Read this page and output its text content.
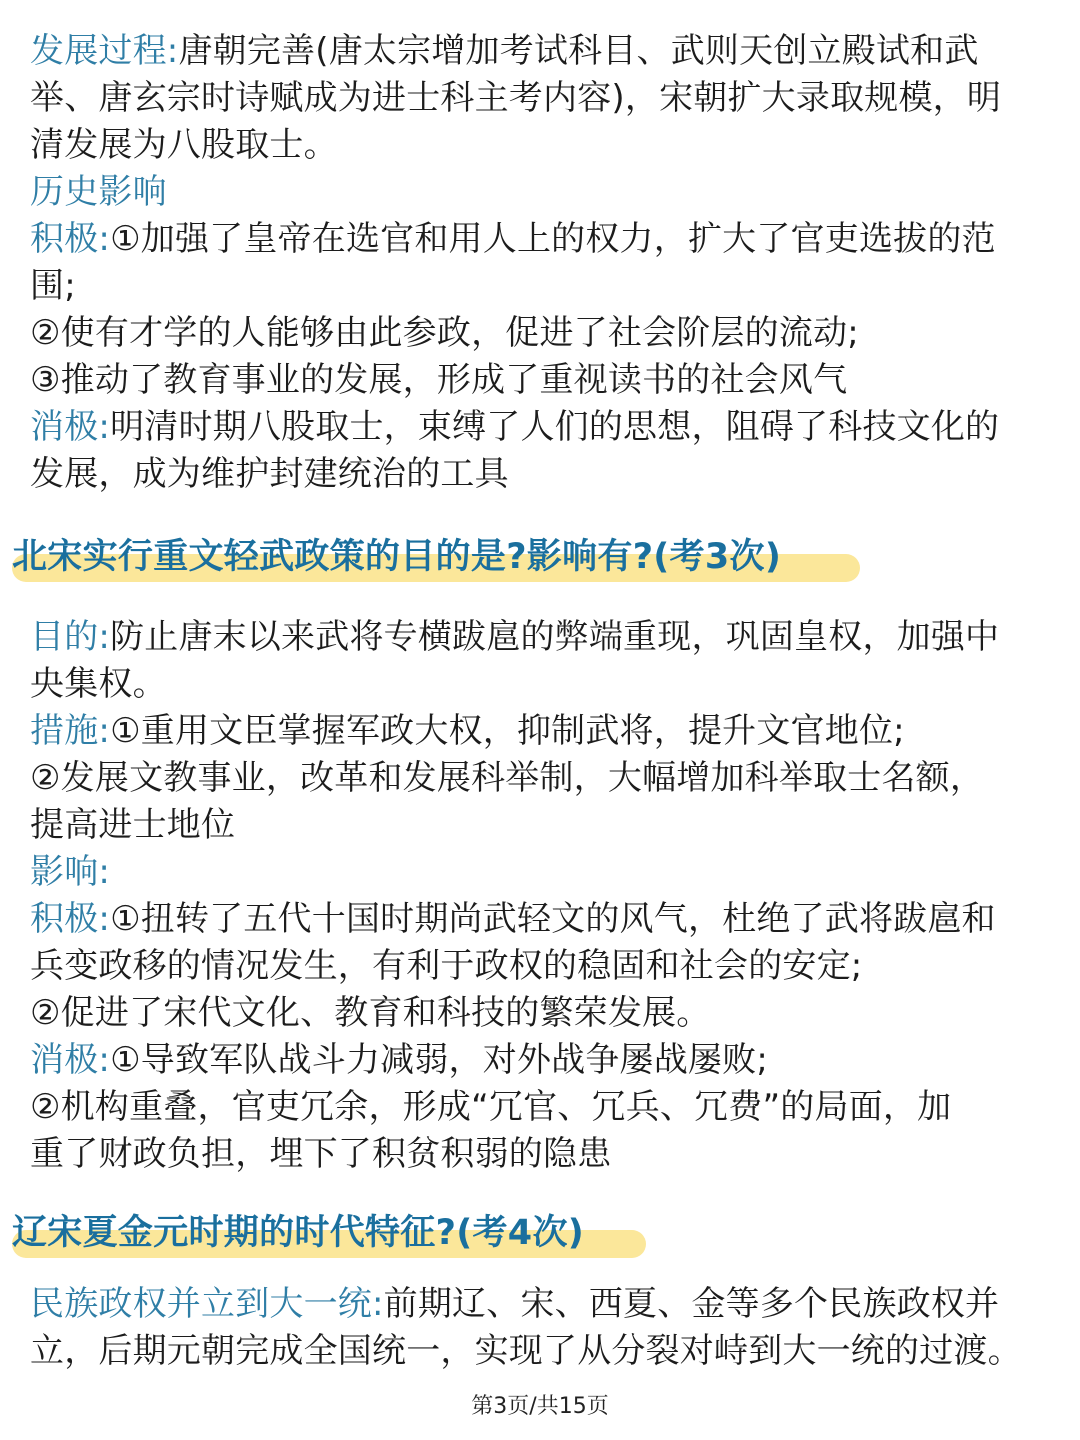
发展过程:唐朝完善(唐太宗增加考试科目、武则天创立殿试和武
举、唐玄宗时诗赋成为进士科主考内容)，宋朝扩大录取规模，明
清发展为八股取士。
历史影响
积极:①加强了皇帝在选官和用人上的权力，扩大了官吏选拔的范
围;
②使有才学的人能够由此参政，促进了社会阶层的流动;
③推动了教育事业的发展，形成了重视读书的社会风气
消极:明清时期八股取士，束缚了人们的思想，阻碍了科技文化的
发展，成为维护封建统治的工具
北宋实行重文轻武政策的目的是?影响有?(考3次)
目的:防止唐末以来武将专横跋扈的弊端重现，巩固皇权，加强中
央集权。
措施:①重用文臣掌握军政大权，抑制武将，提升文官地位;
②发展文教事业，改革和发展科举制，大幅增加科举取士名额，
提高进士地位
影响:
积极:①扭转了五代十国时期尚武轻文的风气，杜绝了武将跋扈和
兵变政移的情况发生，有利于政权的稳固和社会的安定;
②促进了宋代文化、教育和科技的繁荣发展。
消极:①导致军队战斗力减弱，对外战争屡战屡败;
②机构重叠，官吏冗余，形成“冗官、冗兵、冗费”的局面，加
重了财政负担，埋下了积贫积弱的隐患
辽宋夏金元时期的时代特征?(考4次)
民族政权并立到大一统:前期辽、宋、西夏、金等多个民族政权并
立，后期元朝完成全国统一，实现了从分裂对峙到大一统的过渡。
第3页/共15页
